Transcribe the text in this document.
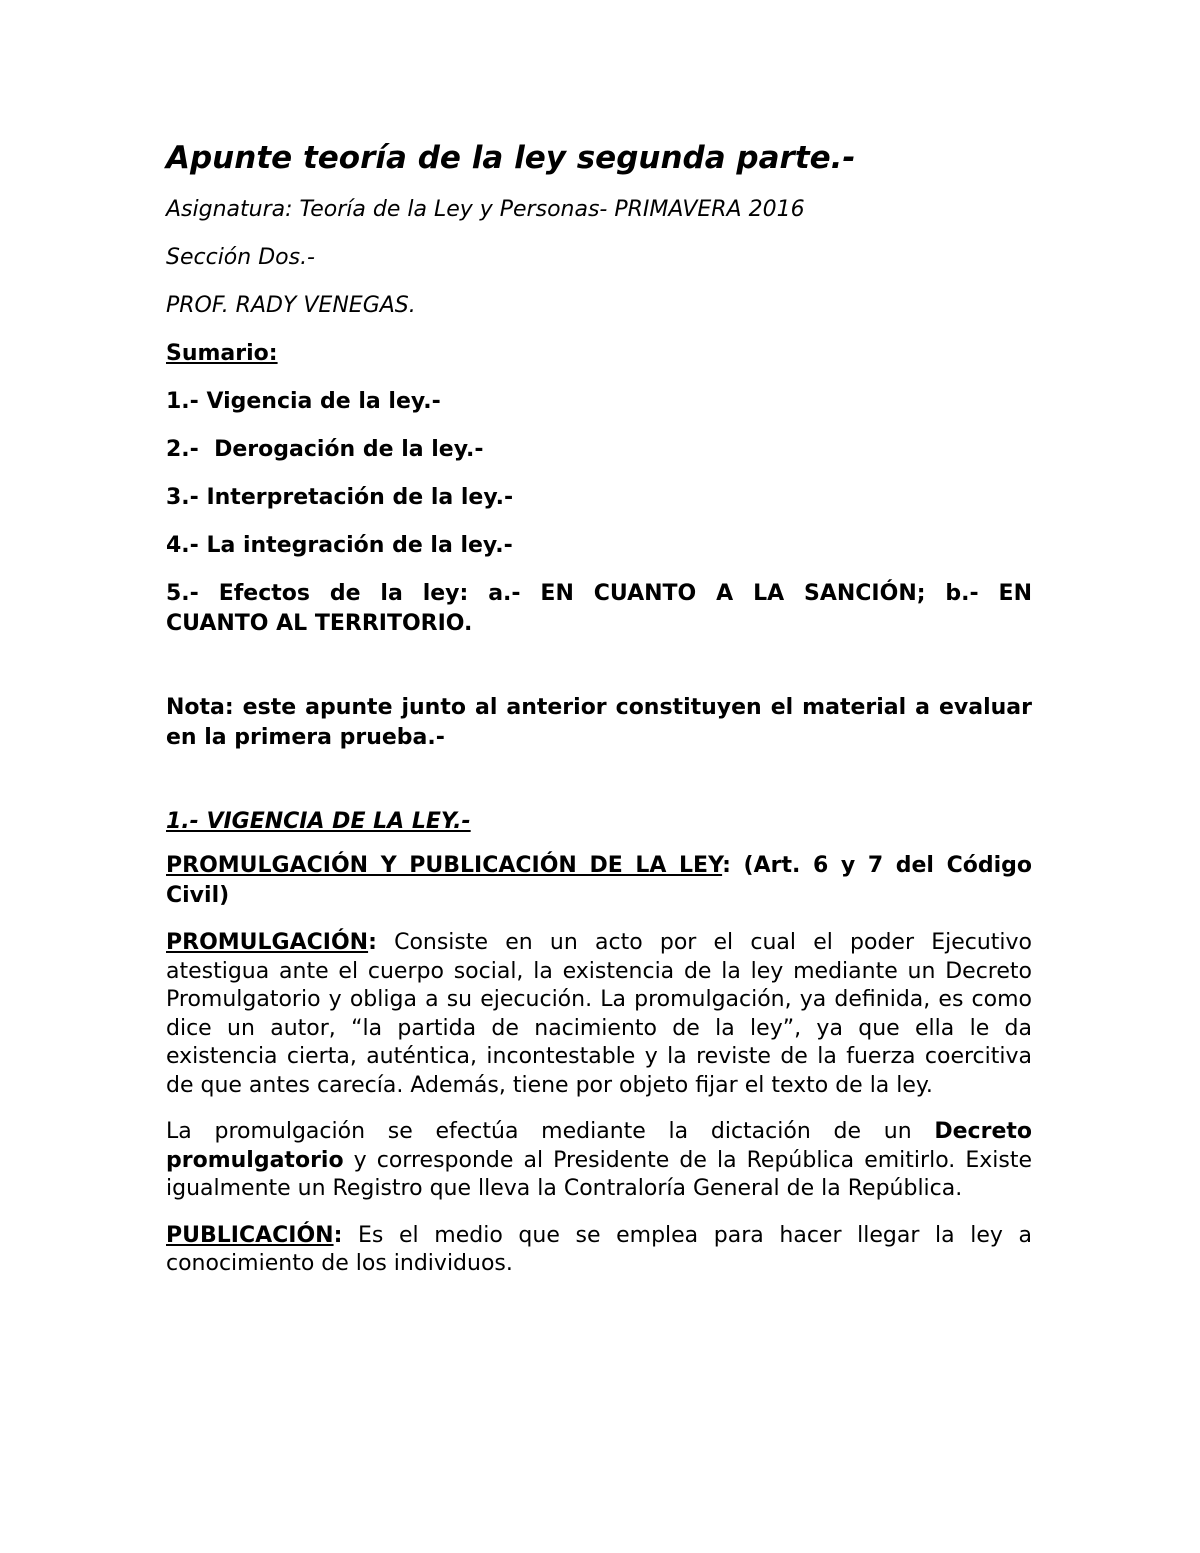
Apunte teoría de la ley segunda parte.-
Asignatura: Teoría de la Ley y Personas- PRIMAVERA 2016
Sección Dos.-
PROF. RADY VENEGAS.
Sumario:
1.- Vigencia de la ley.-
2.-  Derogación de la ley.-
3.- Interpretación de la ley.-
4.- La integración de la ley.-
5.- Efectos de la ley: a.- EN CUANTO A LA SANCIÓN; b.- EN
CUANTO AL TERRITORIO.
Nota: este apunte junto al anterior constituyen el material a evaluar en la primera prueba.-
1.- VIGENCIA DE LA LEY.-
PROMULGACIÓN Y PUBLICACIÓN DE LA LEY: (Art. 6 y 7 del Código Civil)
PROMULGACIÓN: Consiste en un acto por el cual el poder Ejecutivo atestigua ante el cuerpo social, la existencia de la ley mediante un Decreto Promulgatorio y obliga a su ejecución. La promulgación, ya definida, es como dice un autor, “la partida de nacimiento de la ley”, ya que ella le da existencia cierta, auténtica, incontestable y la reviste de la fuerza coercitiva de que antes carecía. Además, tiene por objeto fijar el texto de la ley.
La promulgación se efectúa mediante la dictación de un Decreto promulgatorio y corresponde al Presidente de la República emitirlo. Existe igualmente un Registro que lleva la Contraloría General de la República.
PUBLICACIÓN: Es el medio que se emplea para hacer llegar la ley a conocimiento de los individuos.
